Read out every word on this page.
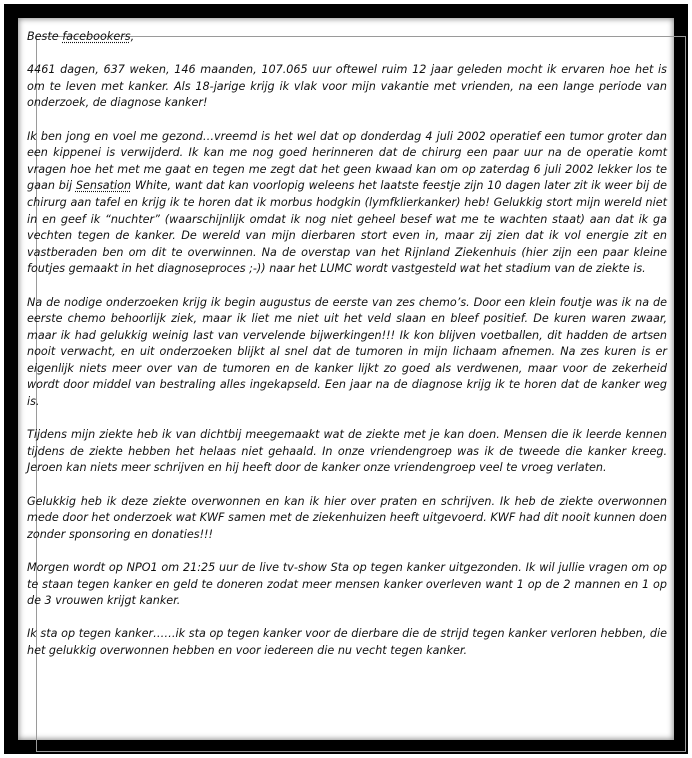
Beste facebookers,

4461 dagen, 637 weken, 146 maanden, 107.065 uur oftewel ruim 12 jaar geleden mocht ik ervaren hoe het is om te leven met kanker. Als 18-jarige krijg ik vlak voor mijn vakantie met vrienden, na een lange periode van onderzoek, de diagnose kanker!

Ik ben jong en voel me gezond…vreemd is het wel dat op donderdag 4 juli 2002 operatief een tumor groter dan een kippenei is verwijderd. Ik kan me nog goed herinneren dat de chirurg een paar uur na de operatie komt vragen hoe het met me gaat en tegen me zegt dat het geen kwaad kan om op zaterdag 6 juli 2002 lekker los te gaan bij Sensation White, want dat kan voorlopig weleens het laatste feestje zijn 10 dagen later zit ik weer bij de chirurg aan tafel en krijg ik te horen dat ik morbus hodgkin (lymfklierkanker) heb! Gelukkig stort mijn wereld niet in en geef ik “nuchter” (waarschijnlijk omdat ik nog niet geheel besef wat me te wachten staat) aan dat ik ga vechten tegen de kanker. De wereld van mijn dierbaren stort even in, maar zij zien dat ik vol energie zit en vastberaden ben om dit te overwinnen. Na de overstap van het Rijnland Ziekenhuis (hier zijn een paar kleine foutjes gemaakt in het diagnoseproces ;-)) naar het LUMC wordt vastgesteld wat het stadium van de ziekte is.

Na de nodige onderzoeken krijg ik begin augustus de eerste van zes chemo’s. Door een klein foutje was ik na de eerste chemo behoorlijk ziek, maar ik liet me niet uit het veld slaan en bleef positief. De kuren waren zwaar, maar ik had gelukkig weinig last van vervelende bijwerkingen!!! Ik kon blijven voetballen, dit hadden de artsen nooit verwacht, en uit onderzoeken blijkt al snel dat de tumoren in mijn lichaam afnemen. Na zes kuren is er eigenlijk niets meer over van de tumoren en de kanker lijkt zo goed als verdwenen, maar voor de zekerheid wordt door middel van bestraling alles ingekapseld. Een jaar na de diagnose krijg ik te horen dat de kanker weg is.

Tijdens mijn ziekte heb ik van dichtbij meegemaakt wat de ziekte met je kan doen. Mensen die ik leerde kennen tijdens de ziekte hebben het helaas niet gehaald. In onze vriendengroep was ik de tweede die kanker kreeg. Jeroen kan niets meer schrijven en hij heeft door de kanker onze vriendengroep veel te vroeg verlaten.

Gelukkig heb ik deze ziekte overwonnen en kan ik hier over praten en schrijven. Ik heb de ziekte overwonnen mede door het onderzoek wat KWF samen met de ziekenhuizen heeft uitgevoerd. KWF had dit nooit kunnen doen zonder sponsoring en donaties!!!

Morgen wordt op NPO1 om 21:25 uur de live tv-show Sta op tegen kanker uitgezonden. Ik wil jullie vragen om op te staan tegen kanker en geld te doneren zodat meer mensen kanker overleven want 1 op de 2 mannen en 1 op de 3 vrouwen krijgt kanker.

Ik sta op tegen kanker……ik sta op tegen kanker voor de dierbare die de strijd tegen kanker verloren hebben, die het gelukkig overwonnen hebben en voor iedereen die nu vecht tegen kanker.
